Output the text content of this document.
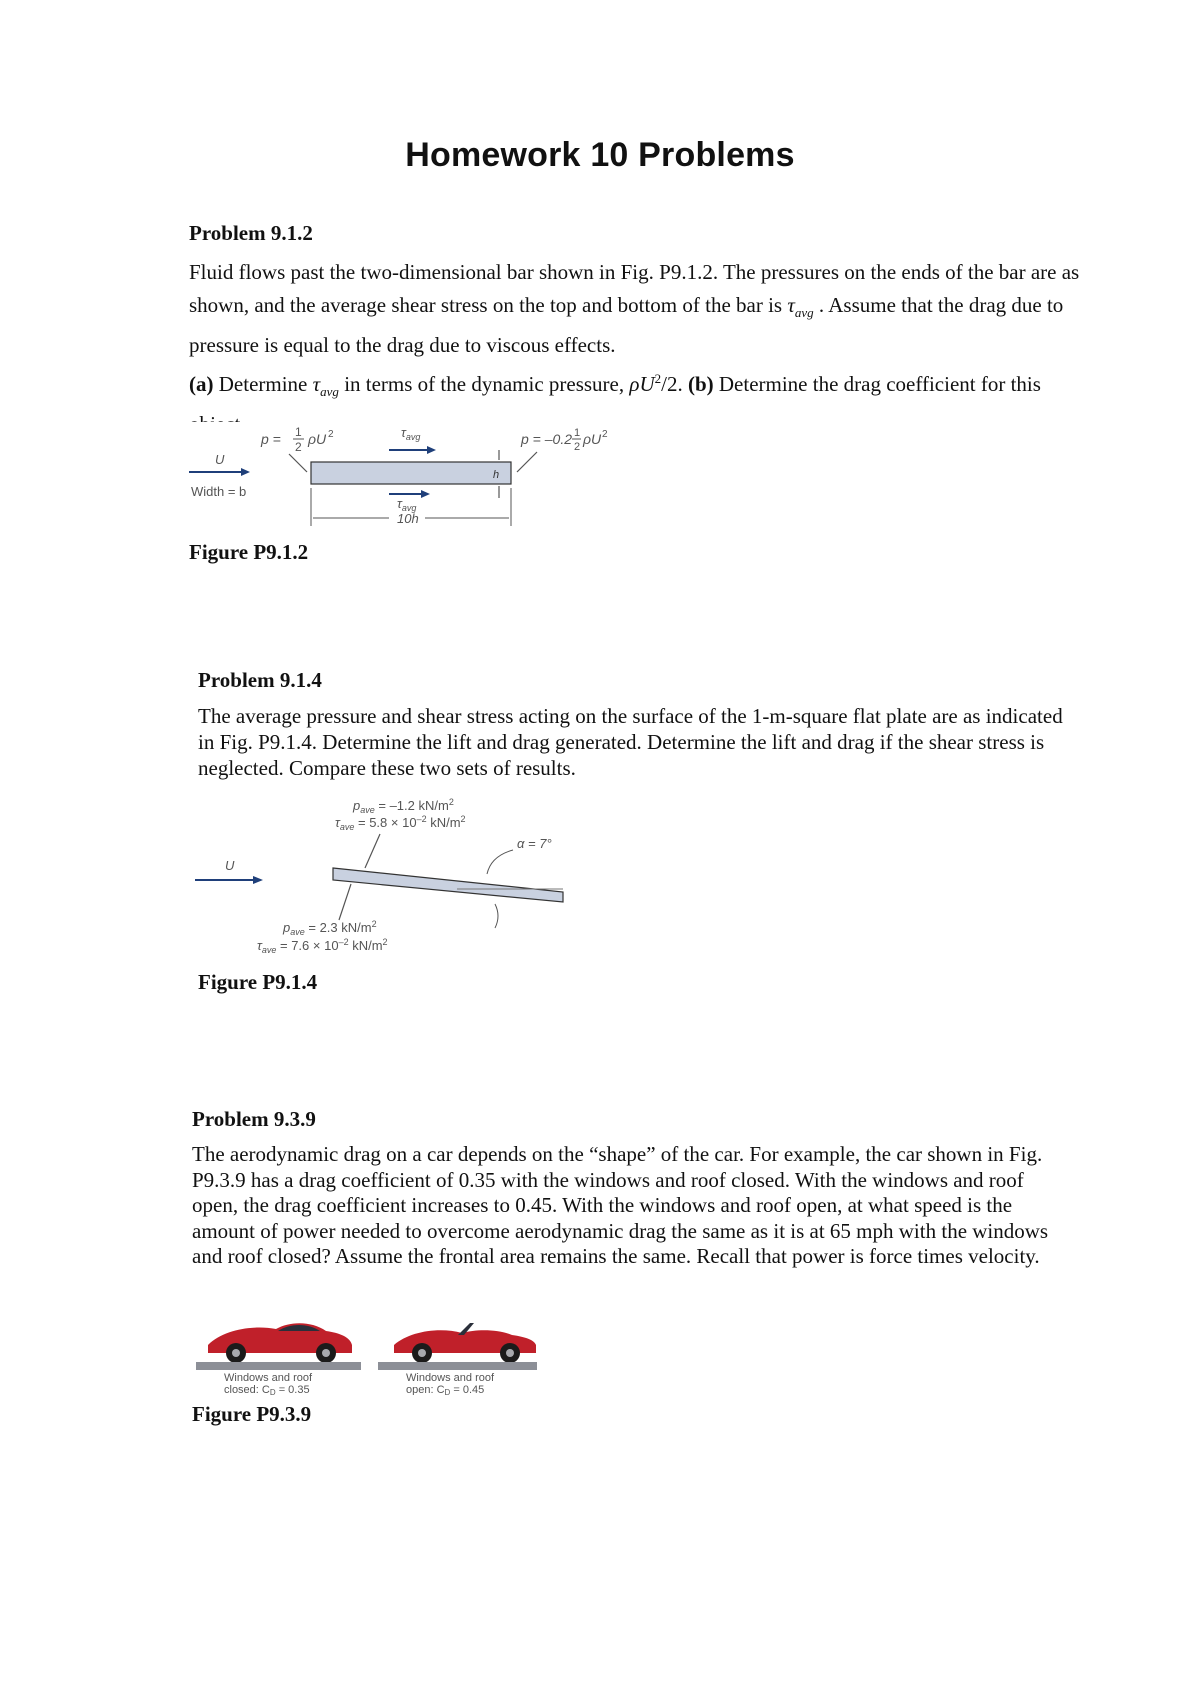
Homework 10 Problems
Problem 9.1.2

Fluid flows past the two-dimensional bar shown in Fig. P9.1.2. The pressures on the ends of the bar are as shown, and the average shear stress on the top and bottom of the bar is $\tau_{avg}$ . Assume that the drag due to pressure is equal to the drag due to viscous effects.
(a) Determine $\tau_{avg}$ in terms of the dynamic pressure, $\rho U^2/2$. (b) Determine the drag coefficient for this

p = 1
2 ρU 2	$\tau_{avg}$	p = –0.2 1
2 ρU 2
U
Width = b
h
$\tau_{avg}$
10h
Figure P9.1.2
Problem 9.1.4

The average pressure and shear stress acting on the surface of the 1-m-square flat plate are as indicated in Fig. P9.1.4. Determine the lift and drag generated. Determine the lift and drag if the shear stress is neglected. Compare these two sets of results.

$p_{ave} = -1.2$ $kN/m^2$
$\tau_{ave} = 5.8 \times 10^{-2}$ $kN/m^2$
U
α = 7°
$p_{ave} = 2.3$ $kN/m^2$
$\tau_{ave} = 7.6 \times 10^{-2}$ $kN/m^2$
Figure P9.1.4
Problem 9.3.9

The aerodynamic drag on a car depends on the “shape” of the car. For example, the car shown in Fig. P9.3.9 has a drag coefficient of 0.35 with the windows and roof closed. With the windows and roof open, the drag coefficient increases to 0.45. With the windows and roof open, at what speed is the amount of power needed to overcome aerodynamic drag the same as it is at 65 mph with the windows and roof closed? Assume the frontal area remains the same. Recall that power is force times velocity.

Windows and roof
closed: CD = 0.35
Windows and roof
open: CD = 0.45
Figure P9.3.9
